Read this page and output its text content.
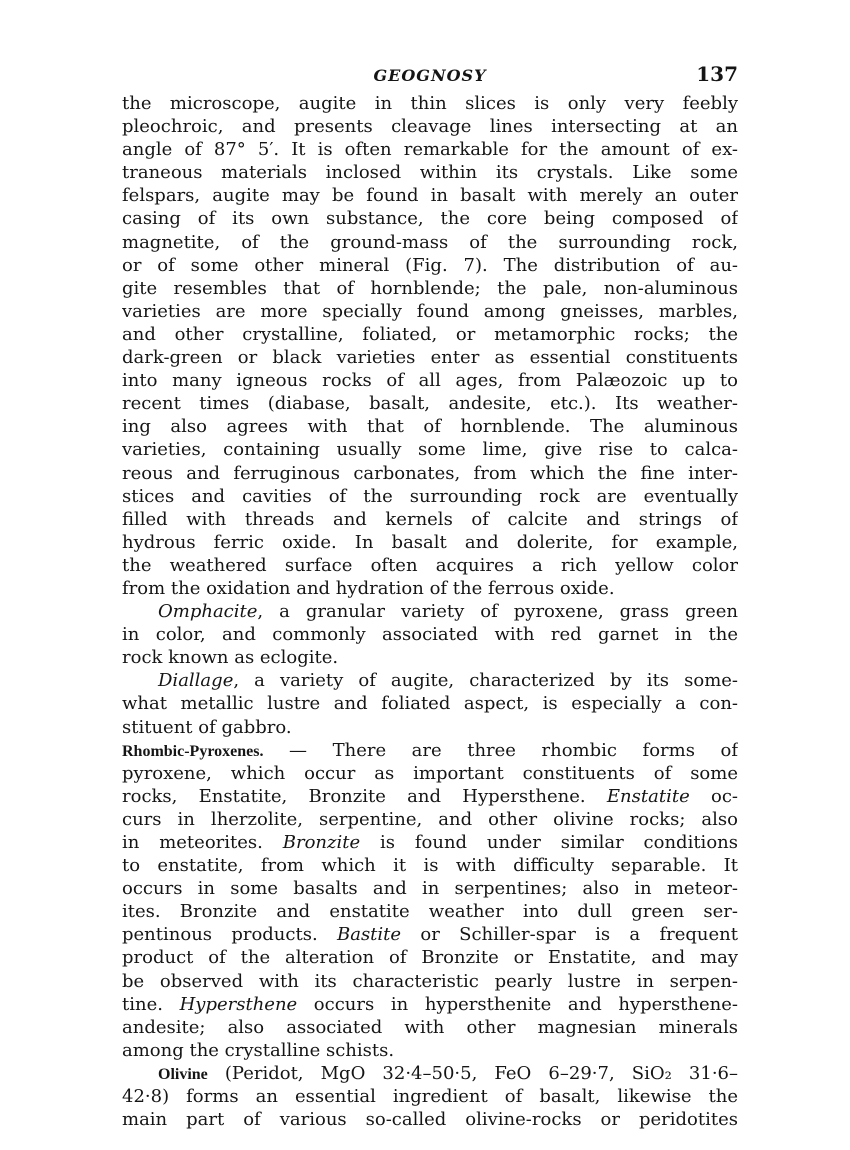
GEOGNOSY	137
the microscope, augite in thin slices is only very feebly
pleochroic, and presents cleavage lines intersecting at an
angle of 87° 5′. It is often remarkable for the amount of ex-
traneous materials inclosed within its crystals. Like some
felspars, augite may be found in basalt with merely an outer
casing of its own substance, the core being composed of
magnetite, of the ground-mass of the surrounding rock,
or of some other mineral (Fig. 7). The distribution of au-
gite resembles that of hornblende; the pale, non-aluminous
varieties are more specially found among gneisses, marbles,
and other crystalline, foliated, or metamorphic rocks; the
dark-green or black varieties enter as essential constituents
into many igneous rocks of all ages, from Palæozoic up to
recent times (diabase, basalt, andesite, etc.). Its weather-
ing also agrees with that of hornblende. The aluminous
varieties, containing usually some lime, give rise to calca-
reous and ferruginous carbonates, from which the fine inter-
stices and cavities of the surrounding rock are eventually
filled with threads and kernels of calcite and strings of
hydrous ferric oxide. In basalt and dolerite, for example,
the weathered surface often acquires a rich yellow color
from the oxidation and hydration of the ferrous oxide.
Omphacite, a granular variety of pyroxene, grass green
in color, and commonly associated with red garnet in the
rock known as eclogite.
Diallage, a variety of augite, characterized by its some-
what metallic lustre and foliated aspect, is especially a con-
stituent of gabbro.
Rhombic-Pyroxenes. — There are three rhombic forms of
pyroxene, which occur as important constituents of some
rocks, Enstatite, Bronzite and Hypersthene. Enstatite oc-
curs in lherzolite, serpentine, and other olivine rocks; also
in meteorites. Bronzite is found under similar conditions
to enstatite, from which it is with difficulty separable. It
occurs in some basalts and in serpentines; also in meteor-
ites. Bronzite and enstatite weather into dull green ser-
pentinous products. Bastite or Schiller-spar is a frequent
product of the alteration of Bronzite or Enstatite, and may
be observed with its characteristic pearly lustre in serpen-
tine. Hypersthene occurs in hypersthenite and hypersthene-
andesite; also associated with other magnesian minerals
among the crystalline schists.
Olivine (Peridot, MgO 32·4–50·5, FeO 6–29·7, SiO₂ 31·6–
42·8) forms an essential ingredient of basalt, likewise the
main part of various so-called olivine-rocks or peridotites
